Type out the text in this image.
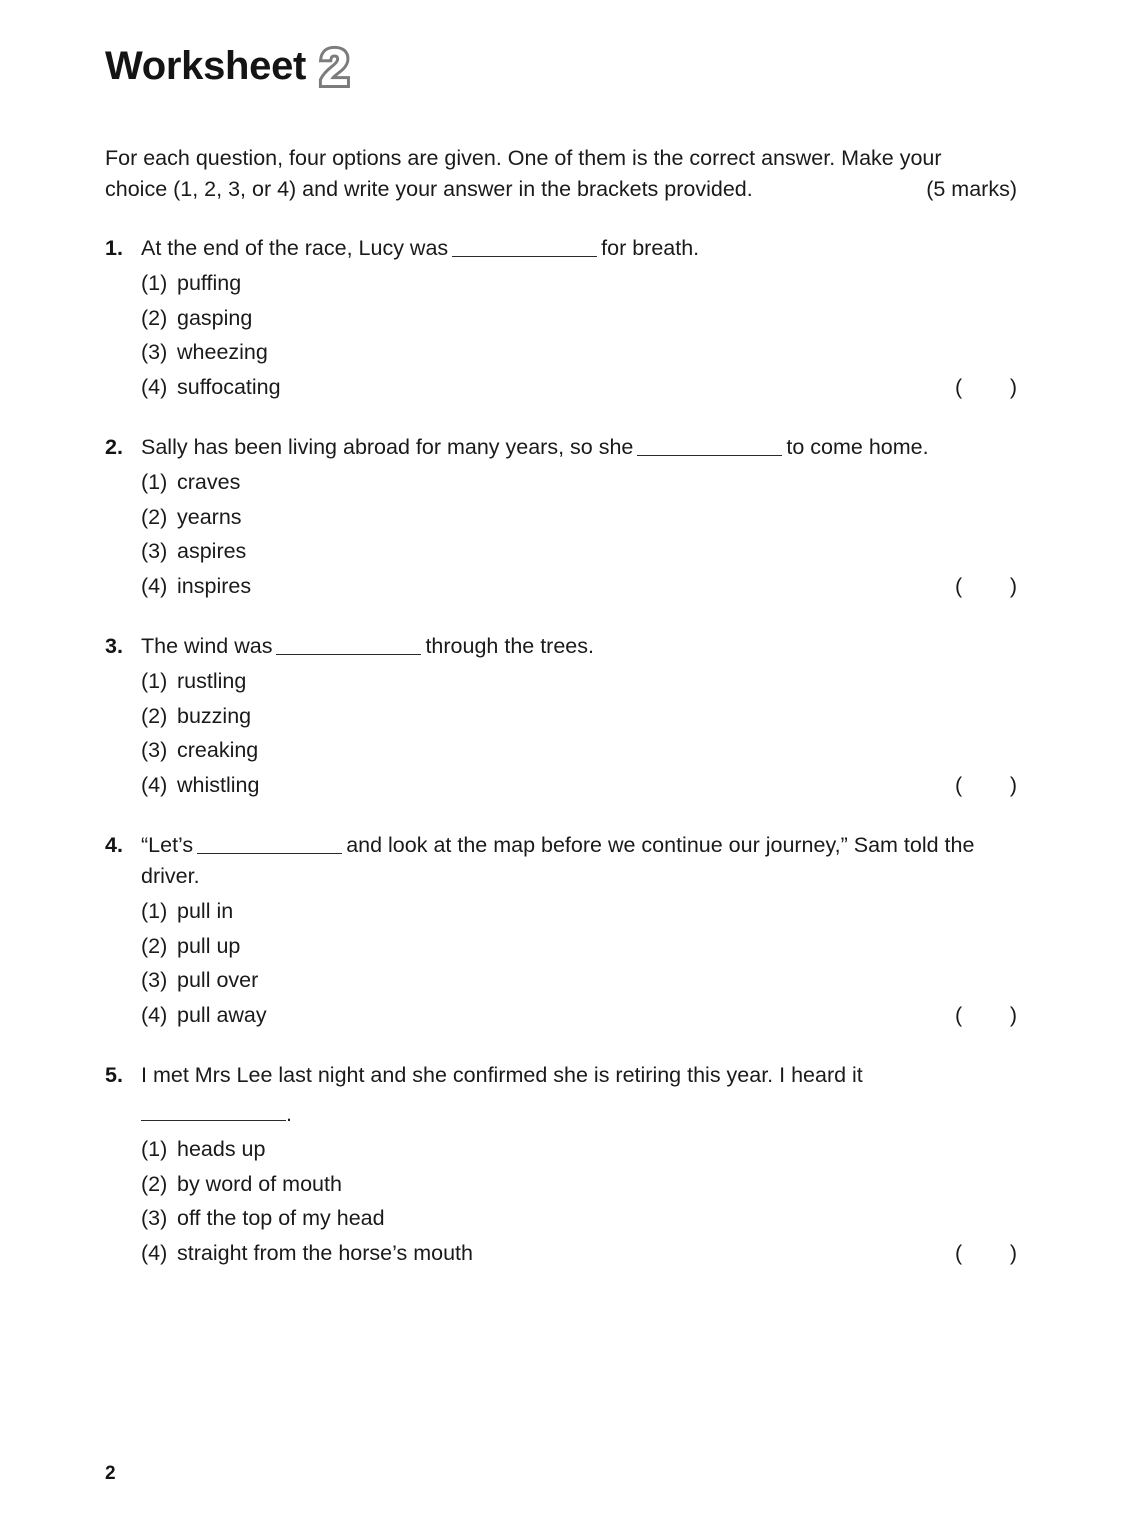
Worksheet 2
For each question, four options are given. One of them is the correct answer. Make your
choice (1, 2, 3, or 4) and write your answer in the brackets provided.	(5 marks)
1. At the end of the race, Lucy was	for breath.
(1) puffing
(2) gasping
(3) wheezing
(4) suffocating	( )
2. Sally has been living abroad for many years, so she	to come home.
(1) craves
(2) yearns
(3) aspires
(4) inspires	( )
3. The wind was	through the trees.
(1) rustling
(2) buzzing
(3) creaking
(4) whistling	( )
4. “Let’s	and look at the map before we continue our journey,” Sam told the driver.
(1) pull in
(2) pull up
(3) pull over
(4) pull away	( )
5. I met Mrs Lee last night and she confirmed she is retiring this year. I heard it
.
(1) heads up
(2) by word of mouth
(3) off the top of my head
(4) straight from the horse’s mouth	( )
2
